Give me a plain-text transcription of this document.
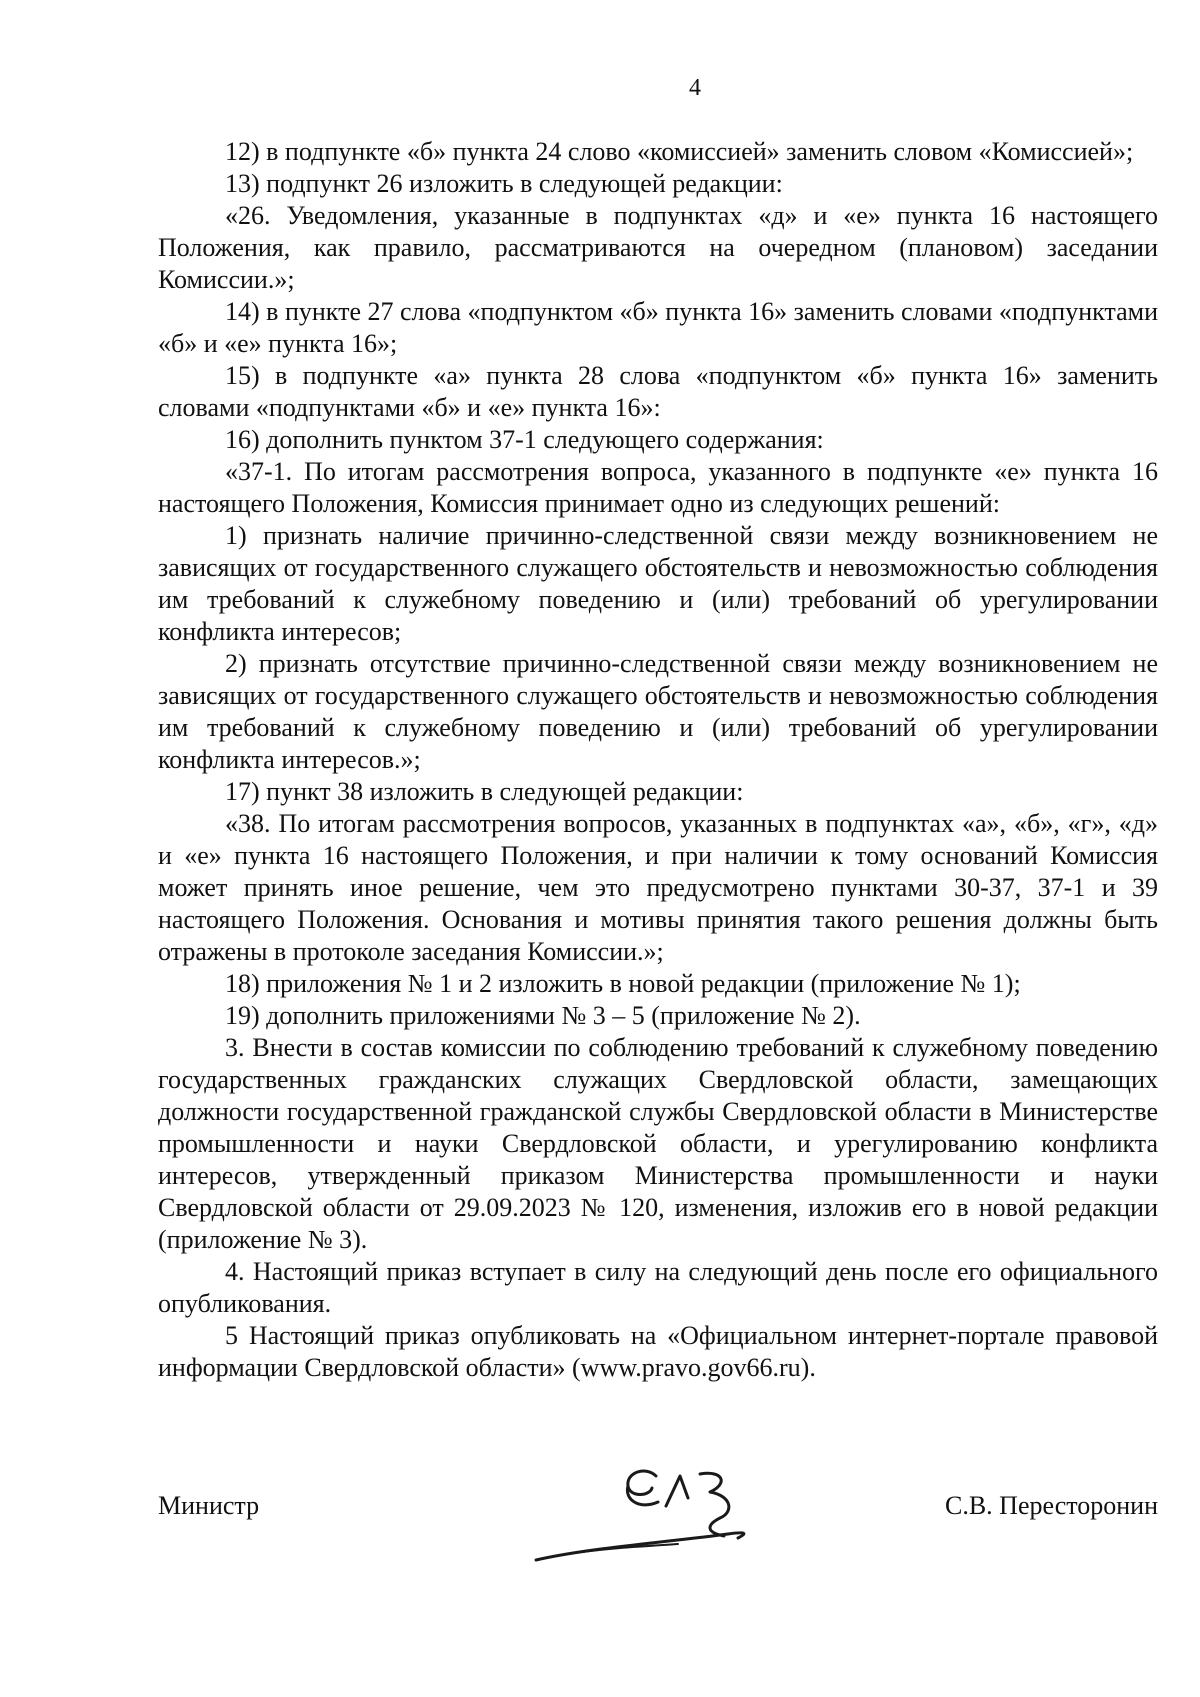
4

12) в подпункте «б» пункта 24 слово «комиссией» заменить словом «Комиссией»;

13) подпункт 26 изложить в следующей редакции:

«26. Уведомления, указанные в подпунктах «д» и «е» пункта 16 настоящего Положения, как правило, рассматриваются на очередном (плановом) заседании Комиссии.»;

14) в пункте 27 слова «подпунктом «б» пункта 16» заменить словами «подпунктами «б» и «е» пункта 16»;

15) в подпункте «а» пункта 28 слова «подпунктом «б» пункта 16» заменить словами «подпунктами «б» и «е» пункта 16»:

16) дополнить пунктом 37-1 следующего содержания:

«37-1. По итогам рассмотрения вопроса, указанного в подпункте «е» пункта 16 настоящего Положения, Комиссия принимает одно из следующих решений:

1) признать наличие причинно-следственной связи между возникновением не зависящих от государственного служащего обстоятельств и невозможностью соблюдения им требований к служебному поведению и (или) требований об урегулировании конфликта интересов;

2) признать отсутствие причинно-следственной связи между возникновением не зависящих от государственного служащего обстоятельств и невозможностью соблюдения им требований к служебному поведению и (или) требований об урегулировании конфликта интересов.»;

17) пункт 38 изложить в следующей редакции:

«38. По итогам рассмотрения вопросов, указанных в подпунктах «а», «б», «г», «д» и «е» пункта 16 настоящего Положения, и при наличии к тому оснований Комиссия может принять иное решение, чем это предусмотрено пунктами 30-37, 37-1 и 39 настоящего Положения. Основания и мотивы принятия такого решения должны быть отражены в протоколе заседания Комиссии.»;

18) приложения № 1 и 2 изложить в новой редакции (приложение № 1);

19) дополнить приложениями № 3 – 5 (приложение № 2).

3. Внести в состав комиссии по соблюдению требований к служебному поведению государственных гражданских служащих Свердловской области, замещающих должности государственной гражданской службы Свердловской области в Министерстве промышленности и науки Свердловской области, и урегулированию конфликта интересов, утвержденный приказом Министерства промышленности и науки Свердловской области от 29.09.2023 № 120, изменения, изложив его в новой редакции (приложение № 3).

4. Настоящий приказ вступает в силу на следующий день после его официального опубликования.

5 Настоящий приказ опубликовать на «Официальном интернет-портале правовой информации Свердловской области» (www.pravo.gov66.ru).

Министр	С.В. Пересторонин
